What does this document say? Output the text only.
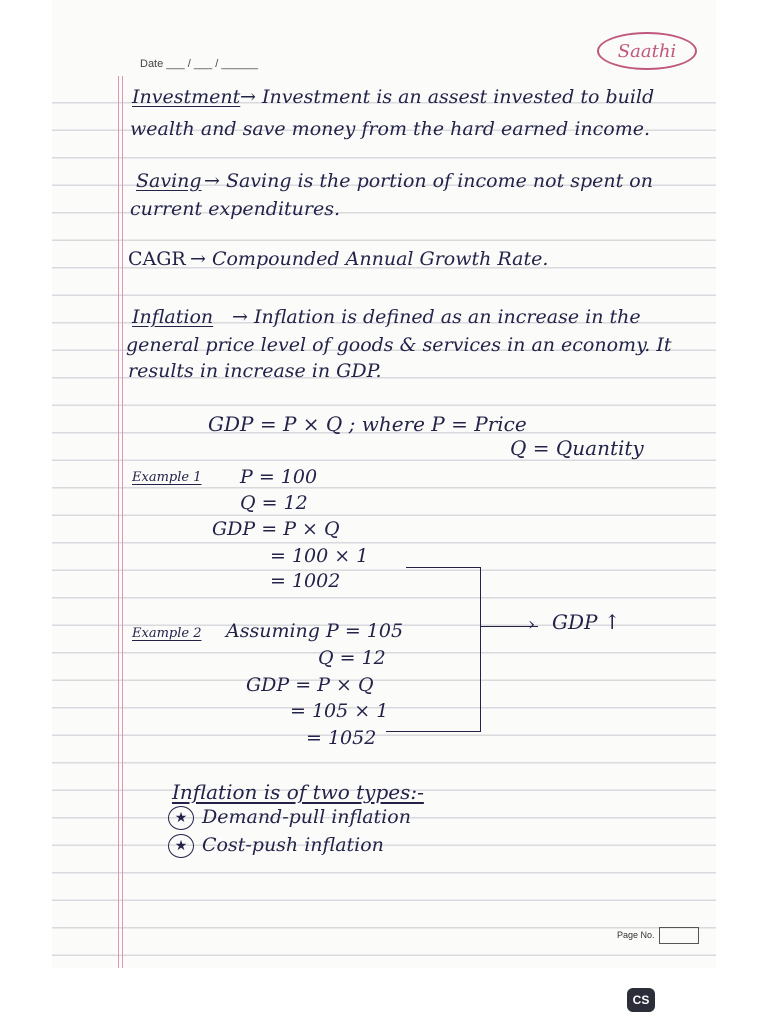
Date ___ / ___ / ______
Saathi
Investment → Investment is an assest invested to build
wealth and save money from the hard earned income.
Saving → Saving is the portion of income not spent on
current expenditures.
CAGR → Compounded Annual Growth Rate.
Inflation → Inflation is defined as an increase in the
general price level of goods & services in an economy. It
results in increase in GDP.
GDP = P × Q ; where P = Price
Q = Quantity
Example 1 P = 100
Q = 12
GDP = P × Q
= 100 × 1
= 1002
› GDP ↑
Example 2 Assuming P = 105
Q = 12
GDP = P × Q
= 105 × 1
= 1052
Inflation is of two types:-
★ Demand-pull inflation
★ Cost-push inflation
Page No.
CS
